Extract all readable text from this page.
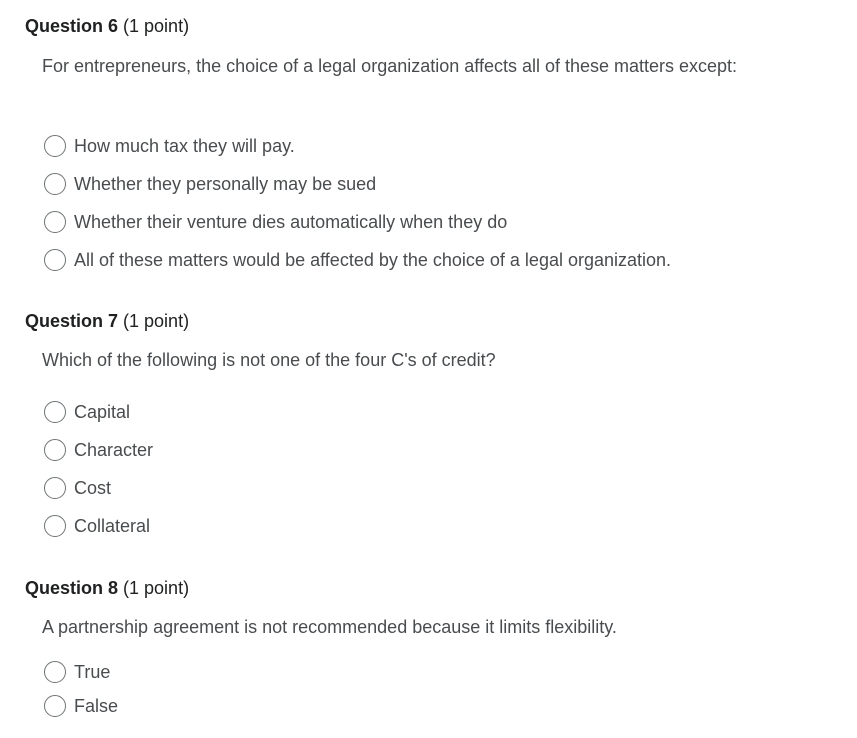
Question 6 (1 point)
For entrepreneurs, the choice of a legal organization affects all of these matters except:
How much tax they will pay.
Whether they personally may be sued
Whether their venture dies automatically when they do
All of these matters would be affected by the choice of a legal organization.
Question 7 (1 point)
Which of the following is not one of the four C's of credit?
Capital
Character
Cost
Collateral
Question 8 (1 point)
A partnership agreement is not recommended because it limits flexibility.
True
False
